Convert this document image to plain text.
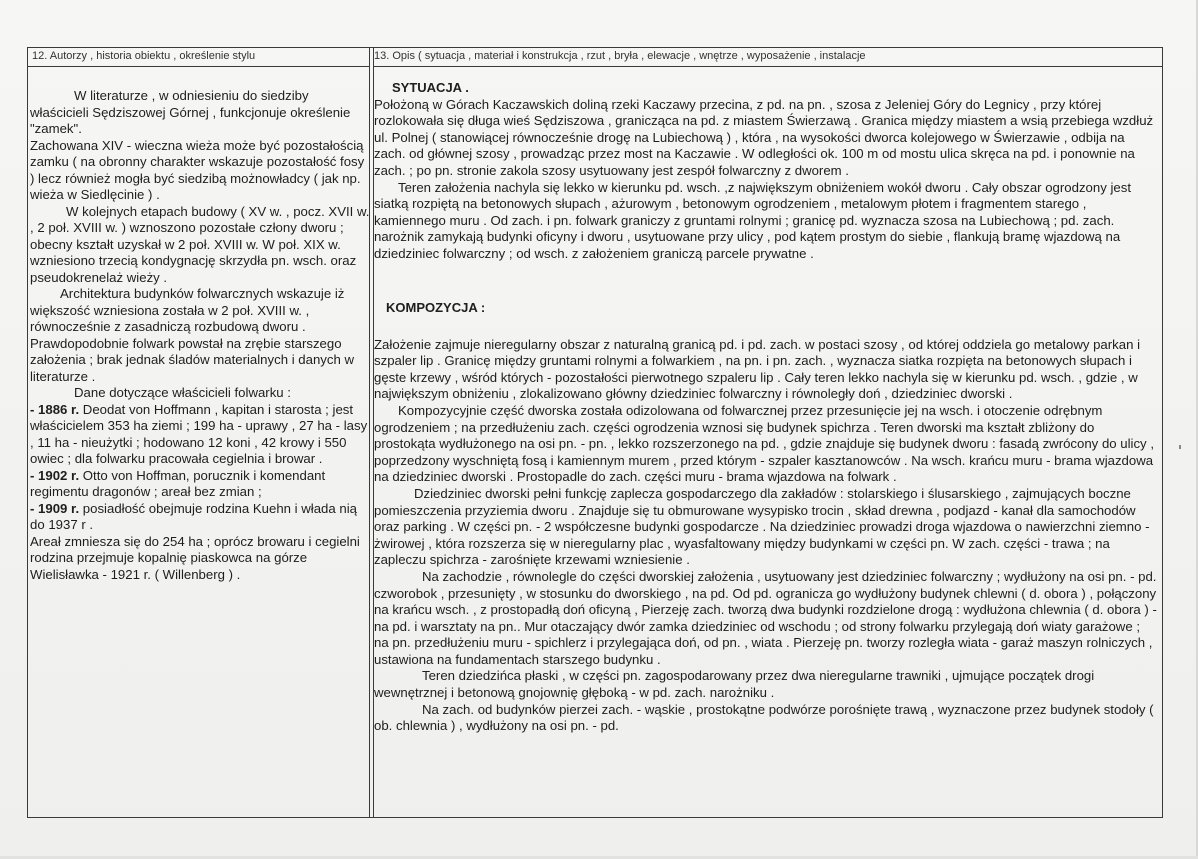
12. Autorzy , historia obiektu , określenie stylu	13. Opis ( sytuacja , materiał i konstrukcja , rzut , bryła , elewacje , wnętrze , wyposażenie , instalacje

W literaturze , w odniesieniu do siedziby właścicieli Sędziszowej Górnej , funkcjonuje określenie "zamek".

Zachowana XIV - wieczna wieża może być pozostałością zamku ( na obronny charakter wskazuje pozostałość fosy ) lecz również mogła być siedzibą możnowładcy ( jak np. wieża w Siedlęcinie ) .

W kolejnych etapach budowy ( XV w. , pocz. XVII w. , 2 poł. XVIII w. ) wznoszono pozostałe człony dworu ; obecny kształt uzyskał w 2 poł. XVIII w. W poł. XIX w. wzniesiono trzecią kondygnację skrzydła pn. wsch. oraz pseudokrenelaż wieży .

Architektura budynków folwarcznych wskazuje iż większość wzniesiona została w 2 poł. XVIII w. , równocześnie z zasadniczą rozbudową dworu . Prawdopodobnie folwark powstał na zrębie starszego założenia ; brak jednak śladów materialnych i danych w literaturze .

Dane dotyczące właścicieli folwarku :

- 1886 r. Deodat von Hoffmann , kapitan i starosta ; jest właścicielem 353 ha ziemi ; 199 ha - uprawy , 27 ha - lasy , 11 ha - nieużytki ; hodowano 12 koni , 42 krowy i 550 owiec ; dla folwarku pracowała cegielnia i browar .

- 1902 r. Otto von Hoffman, porucznik i komendant regimentu dragonów ; areał bez zmian ;

- 1909 r. posiadłość obejmuje rodzina Kuehn i włada nią do 1937 r .

Areał zmniesza się do 254 ha ; oprócz browaru i cegielni rodzina przejmuje kopalnię piaskowca na górze Wielisławka - 1921 r. ( Willenberg ) .

SYTUACJA .

Położoną w Górach Kaczawskich doliną rzeki Kaczawy przecina, z pd. na pn. , szosa z Jeleniej Góry do Legnicy , przy której rozlokowała się długa wieś Sędziszowa , granicząca na pd. z miastem Świerzawą . Granica między miastem a wsią przebiega wzdłuż ul. Polnej ( stanowiącej równocześnie drogę na Lubiechową ) , która , na wysokości dworca kolejowego w Świerzawie , odbija na zach. od głównej szosy , prowadząc przez most na Kaczawie . W odległości ok. 100 m od mostu ulica skręca na pd. i ponownie na zach. ; po pn. stronie zakola szosy usytuowany jest zespół folwarczny z dworem .

Teren założenia nachyla się lekko w kierunku pd. wsch. ,z największym obniżeniem wokół dworu . Cały obszar ogrodzony jest siatką rozpiętą na betonowych słupach , ażurowym , betonowym ogrodzeniem , metalowym płotem i fragmentem starego , kamiennego muru . Od zach. i pn. folwark graniczy z gruntami rolnymi ; granicę pd. wyznacza szosa na Lubiechową ; pd. zach. narożnik zamykają budynki oficyny i dworu , usytuowane przy ulicy , pod kątem prostym do siebie , flankują bramę wjazdową na dziedziniec folwarczny ; od wsch. z założeniem graniczą parcele prywatne .

KOMPOZYCJA :

Założenie zajmuje nieregularny obszar z naturalną granicą pd. i pd. zach. w postaci szosy , od której oddziela go metalowy parkan i szpaler lip . Granicę między gruntami rolnymi a folwarkiem , na pn. i pn. zach. , wyznacza siatka rozpięta na betonowych słupach i gęste krzewy , wśród których - pozostałości pierwotnego szpaleru lip . Cały teren lekko nachyla się w kierunku pd. wsch. , gdzie , w największym obniżeniu , zlokalizowano główny dziedziniec folwarczny i równoległy doń , dziedziniec dworski .

Kompozycyjnie część dworska została odizolowana od folwarcznej przez przesunięcie jej na wsch. i otoczenie odrębnym ogrodzeniem ; na przedłużeniu zach. części ogrodzenia wznosi się budynek spichrza . Teren dworski ma kształt zbliżony do prostokąta wydłużonego na osi pn. - pn. , lekko rozszerzonego na pd. , gdzie znajduje się budynek dworu : fasadą zwrócony do ulicy , poprzedzony wyschniętą fosą i kamiennym murem , przed którym - szpaler kasztanowców . Na wsch. krańcu muru - brama wjazdowa na dziedziniec dworski . Prostopadle do zach. części muru - brama wjazdowa na folwark .

Dziedziniec dworski pełni funkcję zaplecza gospodarczego dla zakładów : stolarskiego i ślusarskiego , zajmujących boczne pomieszczenia przyziemia dworu . Znajduje się tu obmurowane wysypisko trocin , skład drewna , podjazd - kanał dla samochodów oraz parking . W części pn. - 2 współczesne budynki gospodarcze . Na dziedziniec prowadzi droga wjazdowa o nawierzchni ziemno - żwirowej , która rozszerza się w nieregularny plac , wyasfaltowany między budynkami w części pn. W zach. części - trawa ; na zapleczu spichrza - zarośnięte krzewami wzniesienie .

Na zachodzie , równolegle do części dworskiej założenia , usytuowany jest dziedziniec folwarczny ; wydłużony na osi pn. - pd. czworobok , przesunięty , w stosunku do dworskiego , na pd. Od pd. ogranicza go wydłużony budynek chlewni ( d. obora ) , połączony na krańcu wsch. , z prostopadłą doń oficyną , Pierzeję zach. tworzą dwa budynki rozdzielone drogą : wydłużona chlewnia ( d. obora ) - na pd. i warsztaty na pn.. Mur otaczający dwór zamka dziedziniec od wschodu ; od strony folwarku przylegają doń wiaty garażowe ; na pn. przedłużeniu muru - spichlerz i przylegająca doń, od pn. , wiata . Pierzeję pn. tworzy rozległa wiata - garaż maszyn rolniczych , ustawiona na fundamentach starszego budynku .

Teren dziedzińca płaski , w części pn. zagospodarowany przez dwa nieregularne trawniki , ujmujące początek drogi wewnętrznej i betonową gnojownię głęboką - w pd. zach. narożniku .

Na zach. od budynków pierzei zach. - wąskie , prostokątne podwórze porośnięte trawą , wyznaczone przez budynek stodoły ( ob. chlewnia ) , wydłużony na osi pn. - pd.
